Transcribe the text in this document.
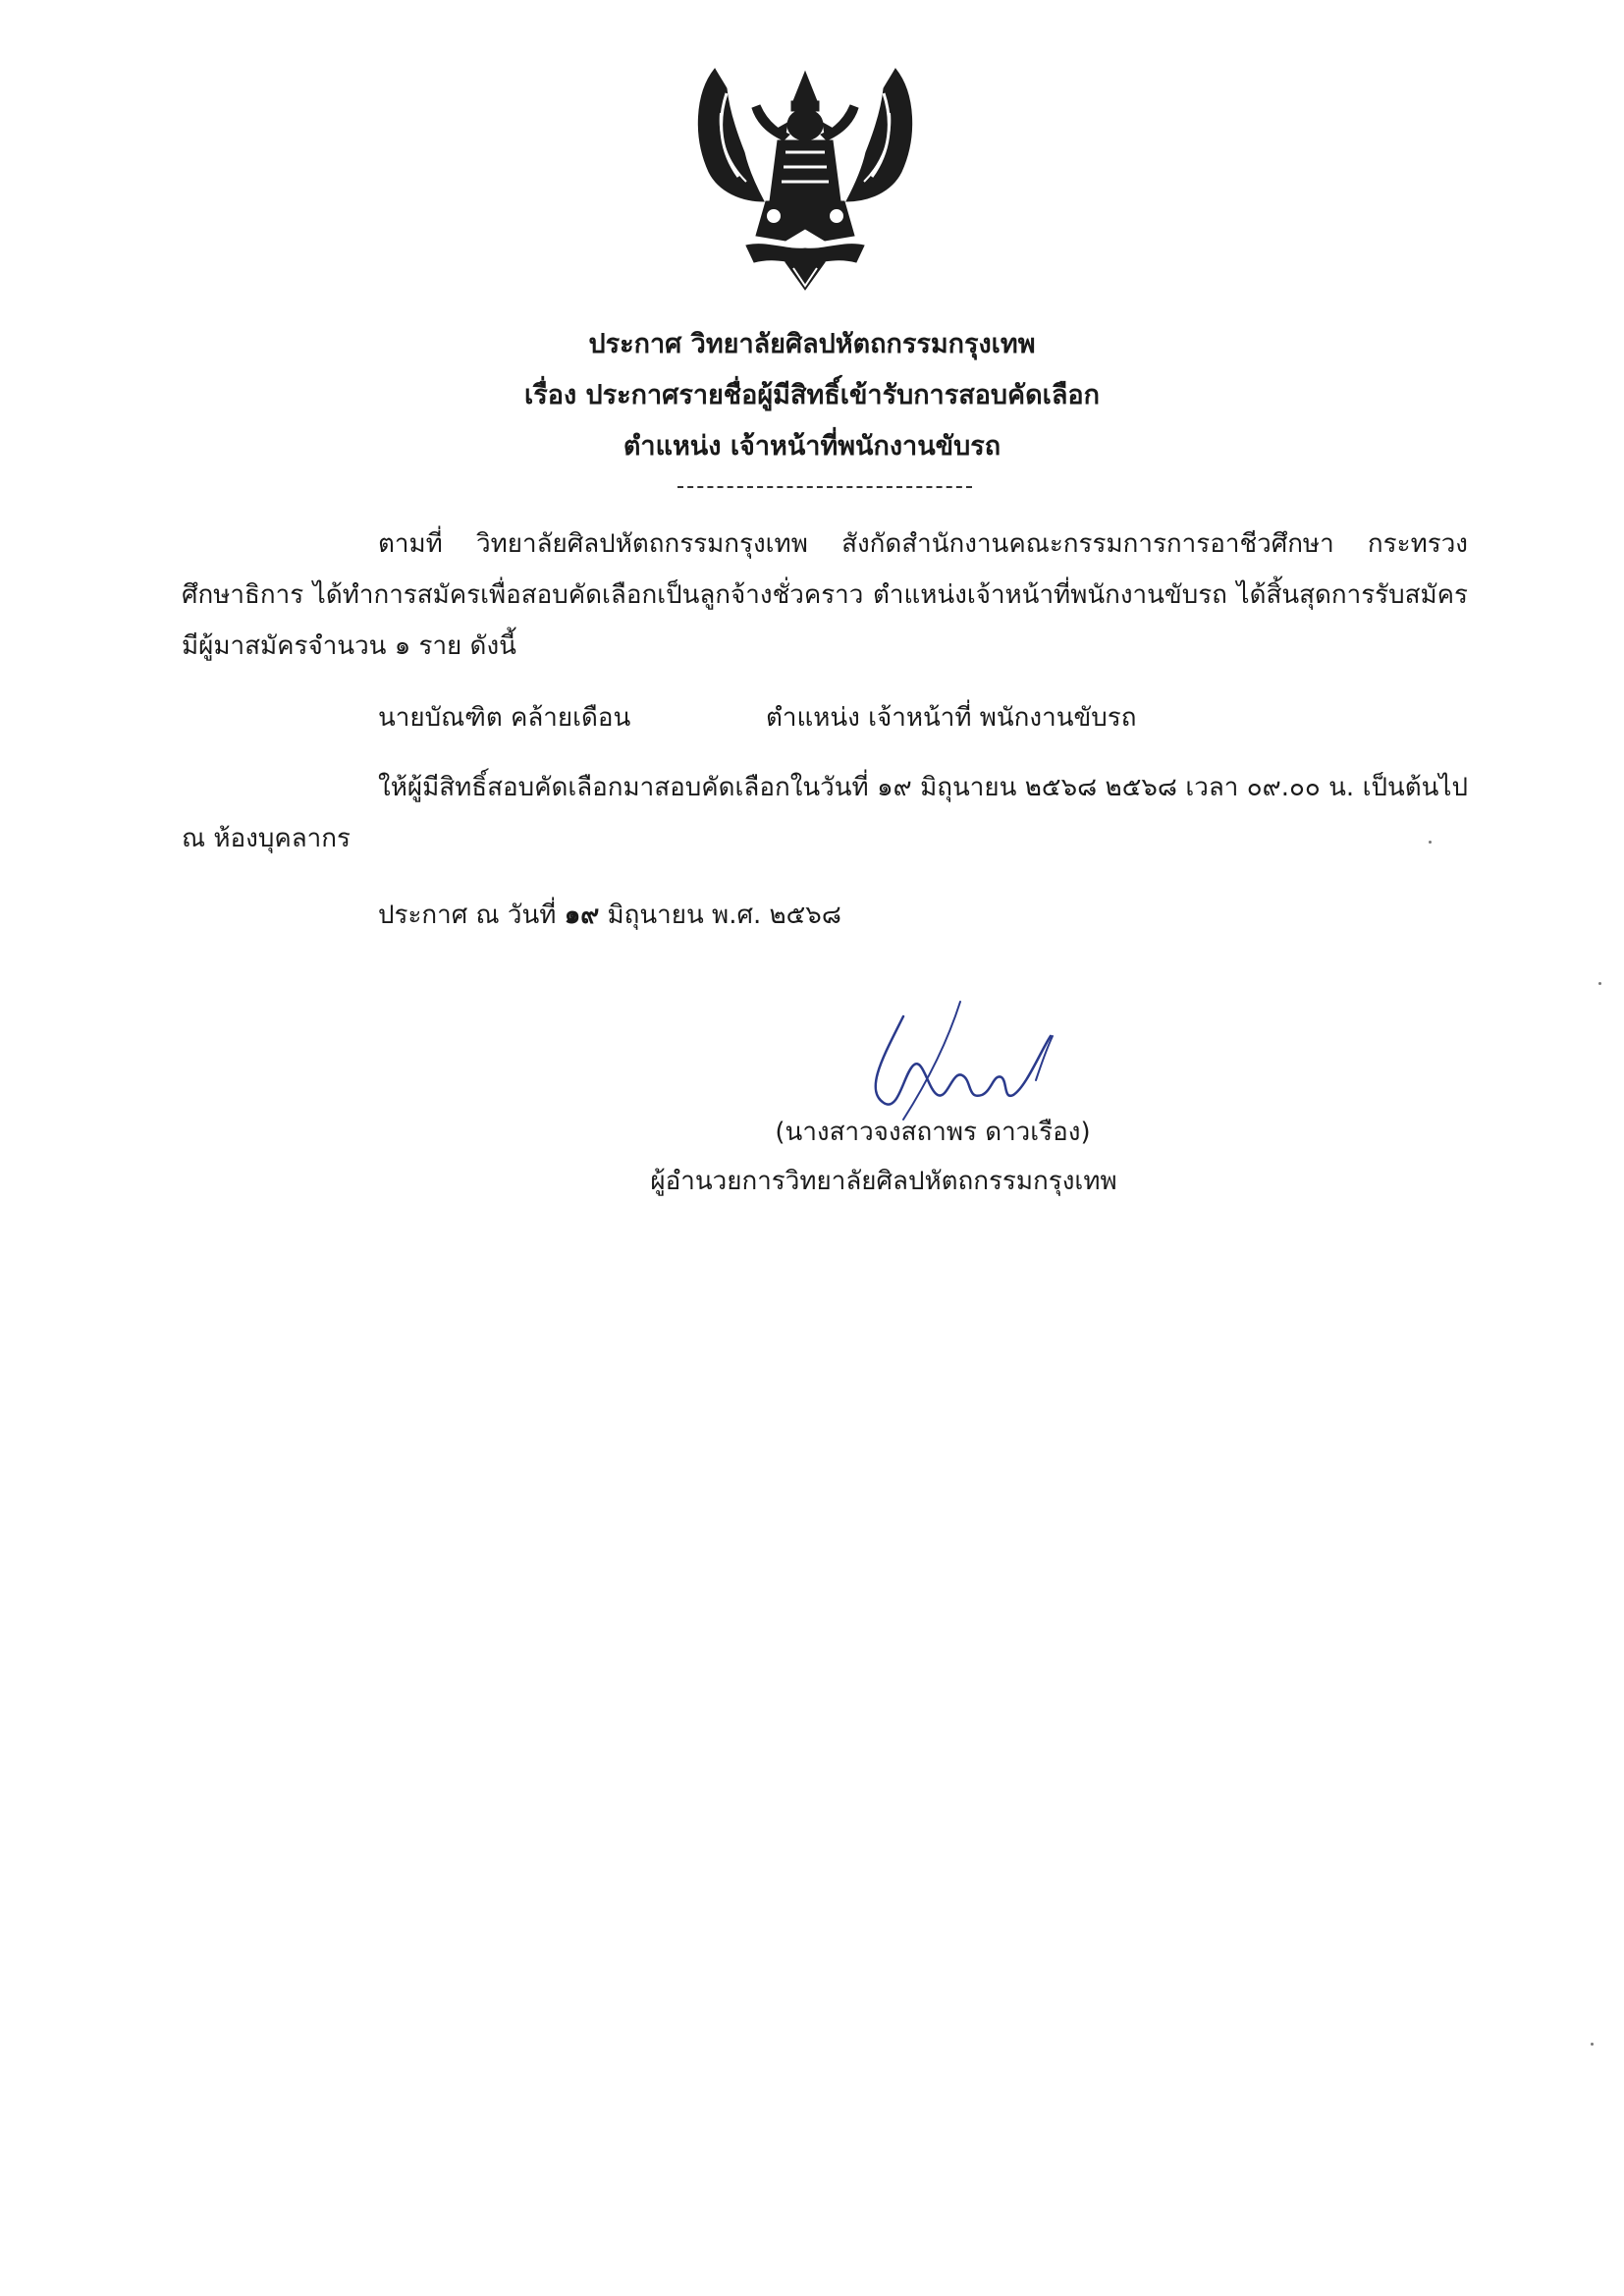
ประกาศ วิทยาลัยศิลปหัตถกรรมกรุงเทพ
เรื่อง ประกาศรายชื่อผู้มีสิทธิ์เข้ารับการสอบคัดเลือก
ตำแหน่ง เจ้าหน้าที่พนักงานขับรถ
ตามที่ วิทยาลัยศิลปหัตถกรรมกรุงเทพ สังกัดสำนักงานคณะกรรมการการอาชีวศึกษา กระทรวงศึกษาธิการ ได้ทำการสมัครเพื่อสอบคัดเลือกเป็นลูกจ้างชั่วคราว ตำแหน่งเจ้าหน้าที่พนักงานขับรถ ได้สิ้นสุดการรับสมัครมีผู้มาสมัครจำนวน ๑ ราย ดังนี้
นายบัณฑิต คล้ายเดือน	ตำแหน่ง เจ้าหน้าที่ พนักงานขับรถ
ให้ผู้มีสิทธิ์สอบคัดเลือกมาสอบคัดเลือกในวันที่ ๑๙ มิถุนายน ๒๕๖๘ ๒๕๖๘ เวลา ๐๙.๐๐ น. เป็นต้นไป ณ ห้องบุคลากร
ประกาศ ณ วันที่ ๑๙ มิถุนายน พ.ศ. ๒๕๖๘
(นางสาวจงสถาพร ดาวเรือง)
ผู้อำนวยการวิทยาลัยศิลปหัตถกรรมกรุงเทพ
